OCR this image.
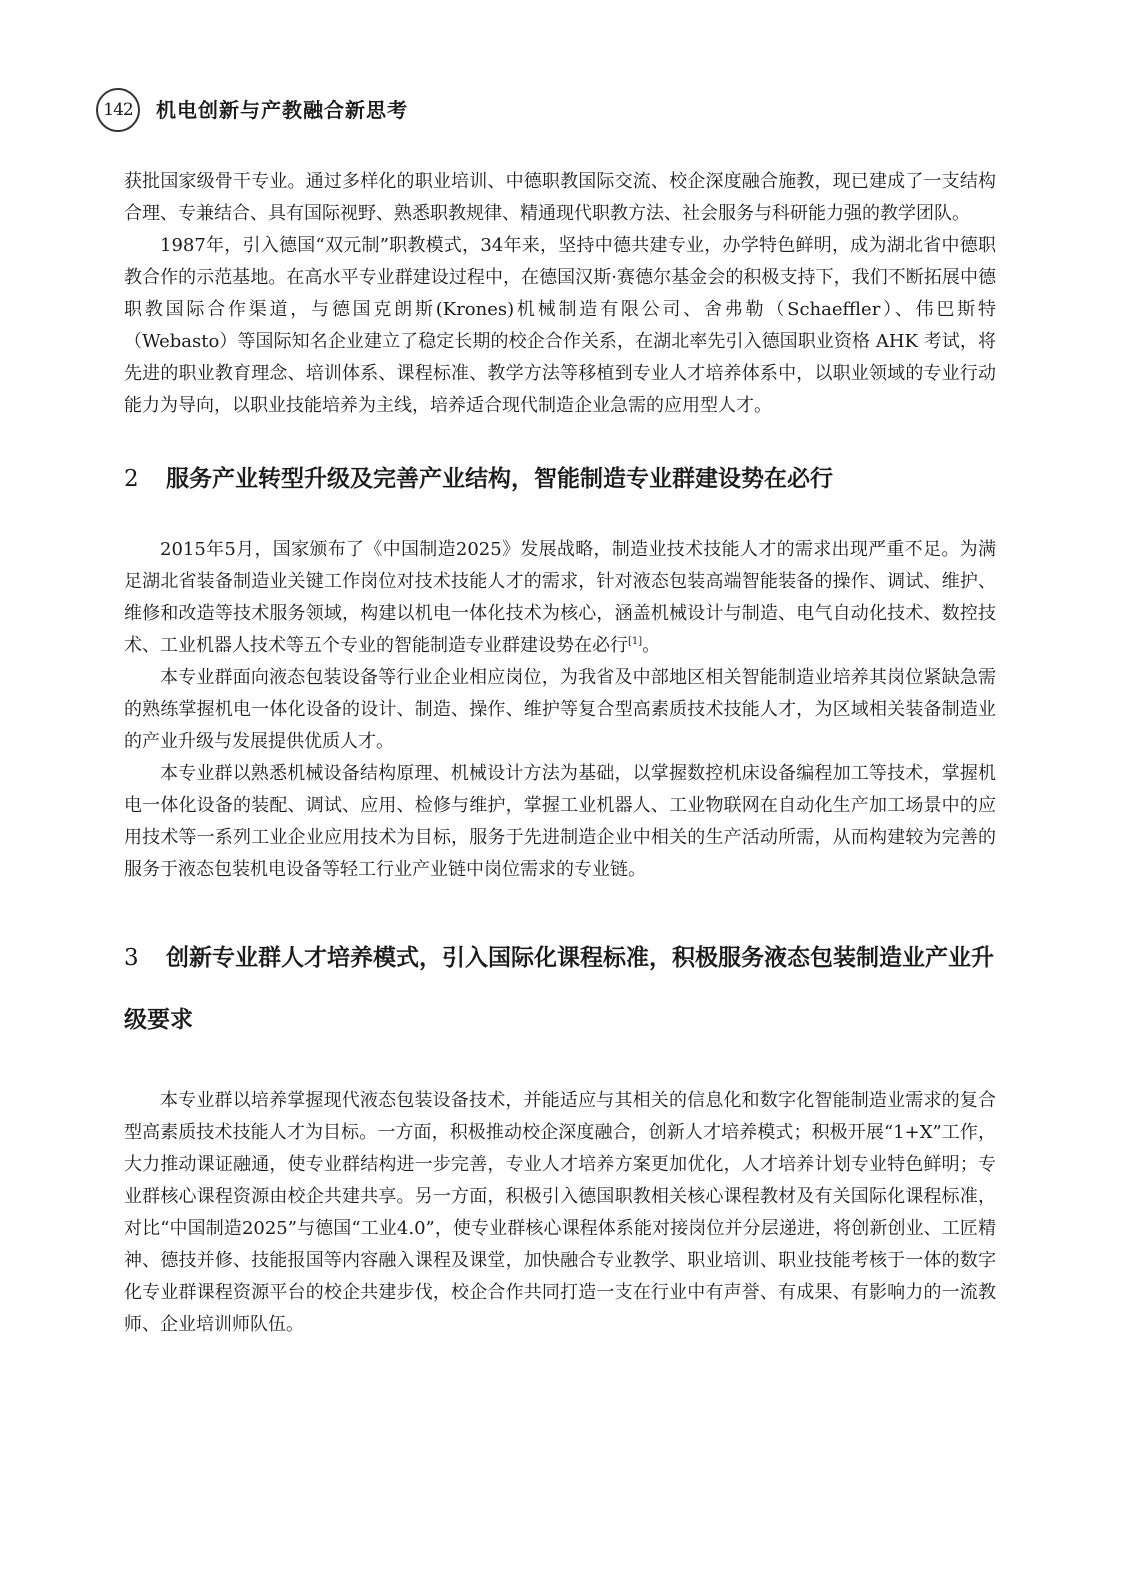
142	机电创新与产教融合新思考

获批国家级骨干专业。通过多样化的职业培训、中德职教国际交流、校企深度融合施教，现已建成了一支结构合理、专兼结合、具有国际视野、熟悉职教规律、精通现代职教方法、社会服务与科研能力强的教学团队。

1987年，引入德国“双元制”职教模式，34年来，坚持中德共建专业，办学特色鲜明，成为湖北省中德职教合作的示范基地。在高水平专业群建设过程中，在德国汉斯·赛德尔基金会的积极支持下，我们不断拓展中德职教国际合作渠道，与德国克朗斯(Krones)机械制造有限公司、舍弗勒（Schaeffler）、伟巴斯特（Webasto）等国际知名企业建立了稳定长期的校企合作关系，在湖北率先引入德国职业资格 AHK 考试，将先进的职业教育理念、培训体系、课程标准、教学方法等移植到专业人才培养体系中，以职业领域的专业行动能力为导向，以职业技能培养为主线，培养适合现代制造企业急需的应用型人才。

2 服务产业转型升级及完善产业结构，智能制造专业群建设势在必行

2015年5月，国家颁布了《中国制造2025》发展战略，制造业技术技能人才的需求出现严重不足。为满足湖北省装备制造业关键工作岗位对技术技能人才的需求，针对液态包装高端智能装备的操作、调试、维护、维修和改造等技术服务领域，构建以机电一体化技术为核心，涵盖机械设计与制造、电气自动化技术、数控技术、工业机器人技术等五个专业的智能制造专业群建设势在必行[1]。

本专业群面向液态包装设备等行业企业相应岗位，为我省及中部地区相关智能制造业培养其岗位紧缺急需的熟练掌握机电一体化设备的设计、制造、操作、维护等复合型高素质技术技能人才，为区域相关装备制造业的产业升级与发展提供优质人才。

本专业群以熟悉机械设备结构原理、机械设计方法为基础，以掌握数控机床设备编程加工等技术，掌握机电一体化设备的装配、调试、应用、检修与维护，掌握工业机器人、工业物联网在自动化生产加工场景中的应用技术等一系列工业企业应用技术为目标，服务于先进制造企业中相关的生产活动所需，从而构建较为完善的服务于液态包装机电设备等轻工行业产业链中岗位需求的专业链。

3 创新专业群人才培养模式，引入国际化课程标准，积极服务液态包装制造业产业升级要求

本专业群以培养掌握现代液态包装设备技术，并能适应与其相关的信息化和数字化智能制造业需求的复合型高素质技术技能人才为目标。一方面，积极推动校企深度融合，创新人才培养模式；积极开展“1+X”工作，大力推动课证融通，使专业群结构进一步完善，专业人才培养方案更加优化，人才培养计划专业特色鲜明；专业群核心课程资源由校企共建共享。另一方面，积极引入德国职教相关核心课程教材及有关国际化课程标准，对比“中国制造2025”与德国“工业4.0”，使专业群核心课程体系能对接岗位并分层递进，将创新创业、工匠精神、德技并修、技能报国等内容融入课程及课堂，加快融合专业教学、职业培训、职业技能考核于一体的数字化专业群课程资源平台的校企共建步伐，校企合作共同打造一支在行业中有声誉、有成果、有影响力的一流教师、企业培训师队伍。
